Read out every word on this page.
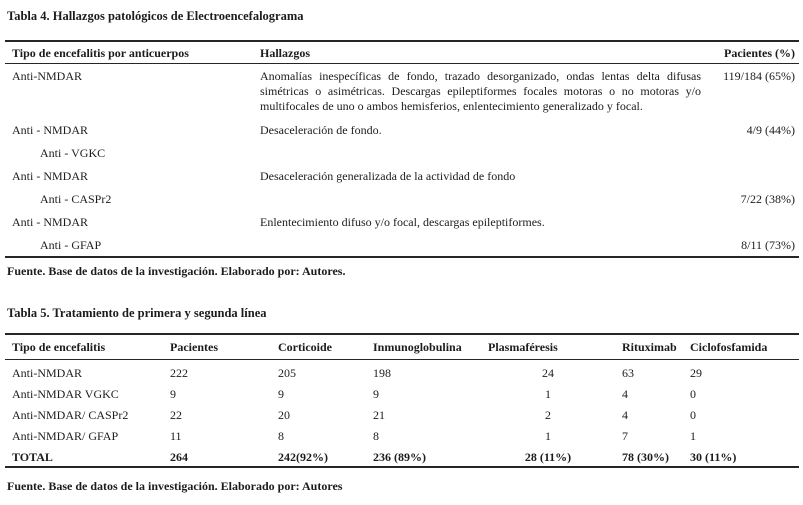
Tabla 4. Hallazgos patológicos de Electroencefalograma

Tipo de encefalitis por anticuerpos	Hallazgos	Pacientes (%)
Anti-NMDAR	Anomalías inespecíficas de fondo, trazado desorganizado, ondas lentas delta difusas simétricas o asimétricas. Descargas epileptiformes focales motoras o no motoras y/o multifocales de uno o ambos hemisferios, enlentecimiento generalizado y focal.	119/184 (65%)
Anti - NMDAR	Desaceleración de fondo.	4/9 (44%)
Anti - VGKC		
Anti - NMDAR	Desaceleración generalizada de la actividad de fondo	
Anti - CASPr2		7/22 (38%)
Anti - NMDAR	Enlentecimiento difuso y/o focal, descargas epileptiformes.	
Anti - GFAP		8/11 (73%)

Fuente. Base de datos de la investigación. Elaborado por: Autores.

Tabla 5. Tratamiento de primera y segunda línea

Tipo de encefalitis	Pacientes	Corticoide	Inmunoglobulina	Plasmaféresis	Rituximab	Ciclofosfamida
Anti-NMDAR	222	205	198	24	63	29
Anti-NMDAR VGKC	9	9	9	1	4	0
Anti-NMDAR/ CASPr2	22	20	21	2	4	0
Anti-NMDAR/ GFAP	11	8	8	1	7	1
TOTAL	264	242(92%)	236 (89%)	28 (11%)	78 (30%)	30 (11%)

Fuente. Base de datos de la investigación. Elaborado por: Autores
